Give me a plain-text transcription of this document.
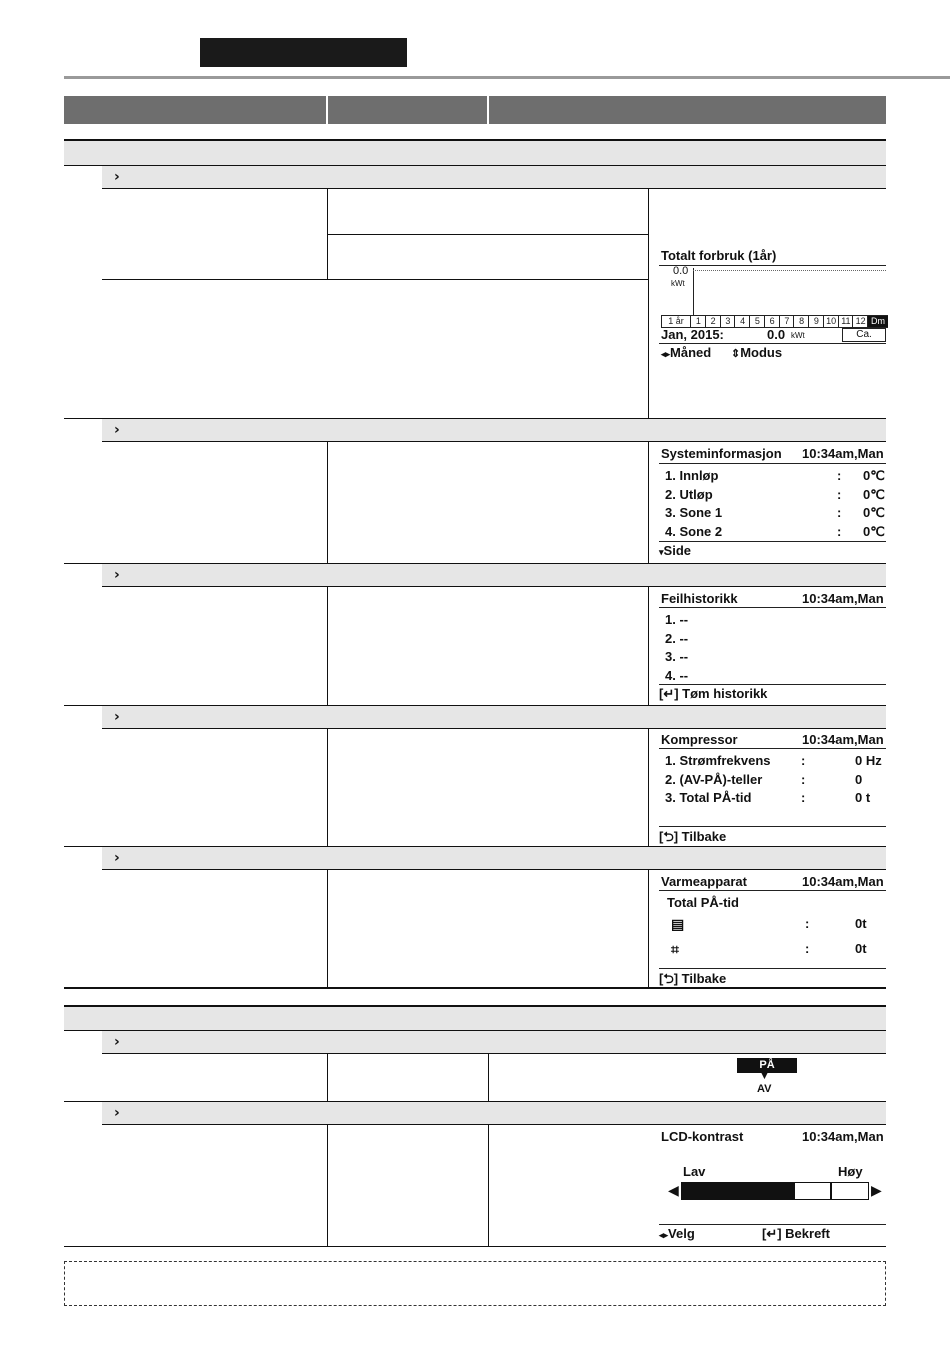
›
Totalt forbruk (1år)
0.0
kWt
1 år	1	2	3	4	5	6	7	8	9 10 11 12 Dm
Jan, 2015:	0.0 kWt	Ca.
◂▸Måned ⇕Modus
›
Systeminformasjon 10:34am,Man
1. Innløp	: 0℃
2. Utløp	: 0℃
3. Sone 1	: 0℃
4. Sone 2	: 0℃
▾Side
›
Feilhistorikk	10:34am,Man
1. --
2. --
3. --
4. --
[↵] Tøm historikk
›
Kompressor	10:34am,Man
1. Strømfrekvens :	0 Hz
2. (AV-PÅ)-teller	:	0
3. Total PÅ-tid	:	0 t
[⮌] Tilbake
›
Varmeapparat	10:34am,Man
Total PÅ-tid
▤	:	0t
⌗	:	0t
[⮌] Tilbake
›
PÅ
▼
AV
›
LCD-kontrast	10:34am,Man
Lav	Høy
◀	▶
◂▸Velg	[↵] Bekreft
